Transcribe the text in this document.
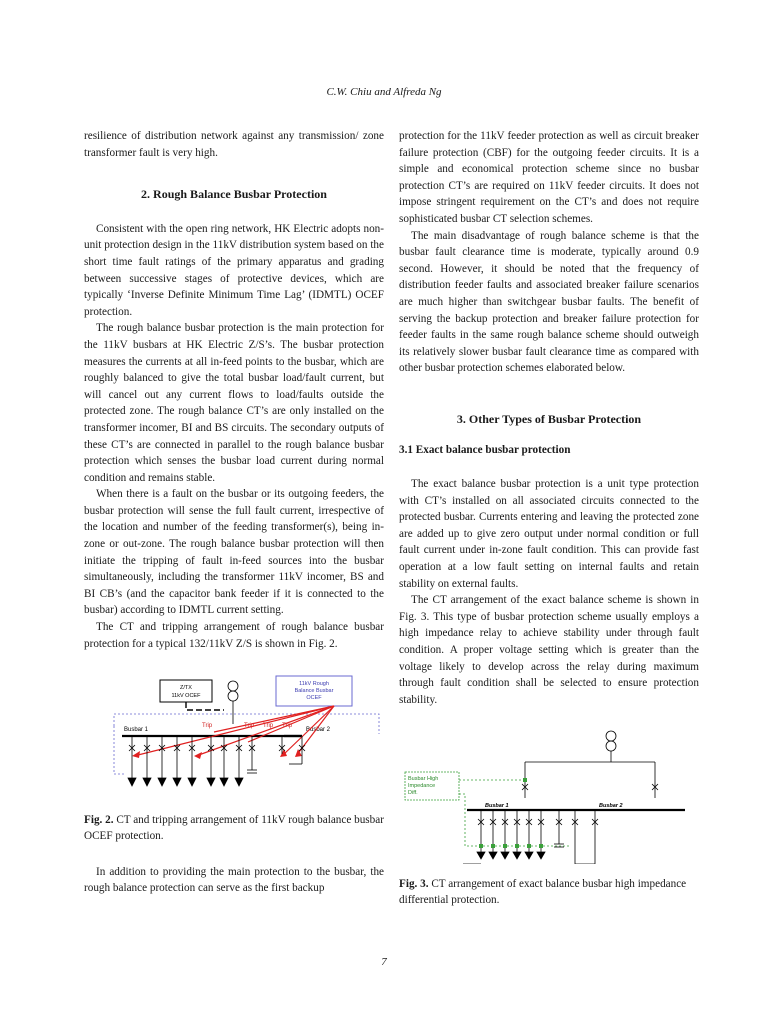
C.W. Chiu and Alfreda Ng

resilience of distribution network against any transmission/ zone transformer fault is very high.

2. Rough Balance Busbar Protection

Consistent with the open ring network, HK Electric adopts non-unit protection design in the 11kV distribution system based on the short time fault ratings of the primary apparatus and grading between successive stages of protective devices, which are typically ‘Inverse Definite Minimum Time Lag’ (IDMTL) OCEF protection.

The rough balance busbar protection is the main protection for the 11kV busbars at HK Electric Z/S’s. The busbar protection measures the currents at all in-feed points to the busbar, which are roughly balanced to give the total busbar load/fault current, but will cancel out any current flows to load/faults outside the protected zone. The rough balance CT’s are only installed on the transformer incomer, BI and BS circuits. The secondary outputs of these CT’s are connected in parallel to the rough balance busbar protection which senses the busbar load current during normal condition and remains stable.

When there is a fault on the busbar or its outgoing feeders, the busbar protection will sense the full fault current, irrespective of the location and number of the feeding transformer(s), being in-zone or out-zone. The rough balance busbar protection will then initiate the tripping of fault in-feed sources into the busbar simultaneously, including the transformer 11kV incomer, BS and BI CB’s (and the capacitor bank feeder if it is connected to the busbar) according to IDMTL current setting.

The CT and tripping arrangement of rough balance busbar protection for a typical 132/11kV Z/S is shown in Fig. 2.

Z/TX
11kV OCEF
11kV Rough
Balance Busbar
OCEF
Busbar 1	Busbar 2
Trip	Trip Trip Trip
Fig. 2. CT and tripping arrangement of 11kV rough balance busbar OCEF protection.

In addition to providing the main protection to the busbar, the rough balance protection can serve as the first backup

protection for the 11kV feeder protection as well as circuit breaker failure protection (CBF) for the outgoing feeder circuits. It is a simple and economical protection scheme since no busbar protection CT’s are required on 11kV feeder circuits. It does not impose stringent requirement on the CT’s and does not require sophisticated busbar CT selection schemes.

The main disadvantage of rough balance scheme is that the busbar fault clearance time is moderate, typically around 0.9 second. However, it should be noted that the frequency of distribution feeder faults and associated breaker failure scenarios are much higher than switchgear busbar faults. The benefit of serving the backup protection and breaker failure protection for feeder faults in the same rough balance scheme should outweigh its relatively slower busbar fault clearance time as compared with other busbar protection schemes elaborated below.

3. Other Types of Busbar Protection
3.1 Exact balance busbar protection

The exact balance busbar protection is a unit type protection with CT’s installed on all associated circuits connected to the protected busbar. Currents entering and leaving the protected zone are added up to give zero output under normal condition or full fault current under in-zone fault condition. This can provide fast operation at a low fault setting on internal faults and retain stability on external faults.

The CT arrangement of the exact balance scheme is shown in Fig. 3. This type of busbar protection scheme usually employs a high impedance relay to achieve stability under through fault condition. A proper voltage setting which is greater than the voltage likely to develop across the relay during maximum through fault condition shall be selected to ensure protection stability.

Busbar High
Impedance
Diff.
Busbar 1	Busbar 2
Fig. 3. CT arrangement of exact balance busbar high impedance differential protection.
7
